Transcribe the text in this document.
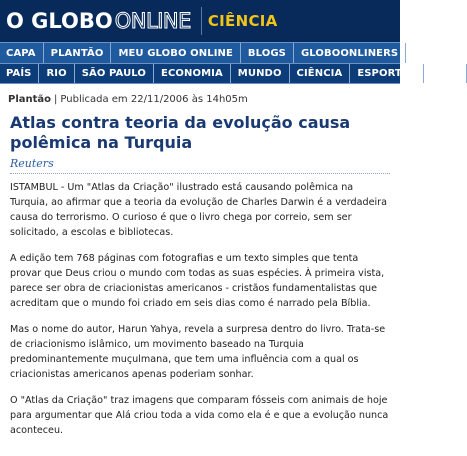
O GLOBO ONLINE CIÊNCIA
CAPA	PLANTÃO	MEU GLOBO ONLINE	BLOGS	GLOBOONLINERS
PAÍS	RIO	SÃO PAULO	ECONOMIA	MUNDO	CIÊNCIA	ESPORTES	CULT
Plantão | Publicada em 22/11/2006 às 14h05m
Atlas contra teoria da evolução causa polêmica na Turquia
Reuters

ISTAMBUL - Um "Atlas da Criação" ilustrado está causando polêmica na Turquia, ao afirmar que a teoria da evolução de Charles Darwin é a verdadeira causa do terrorismo. O curioso é que o livro chega por correio, sem ser solicitado, a escolas e bibliotecas.

A edição tem 768 páginas com fotografias e um texto simples que tenta provar que Deus criou o mundo com todas as suas espécies. À primeira vista, parece ser obra de criacionistas americanos - cristãos fundamentalistas que acreditam que o mundo foi criado em seis dias como é narrado pela Bíblia.

Mas o nome do autor, Harun Yahya, revela a surpresa dentro do livro. Trata-se de criacionismo islâmico, um movimento baseado na Turquia predominantemente muçulmana, que tem uma influência com a qual os criacionistas americanos apenas poderiam sonhar.

O "Atlas da Criação" traz imagens que comparam fósseis com animais de hoje para argumentar que Alá criou toda a vida como ela é e que a evolução nunca aconteceu.
